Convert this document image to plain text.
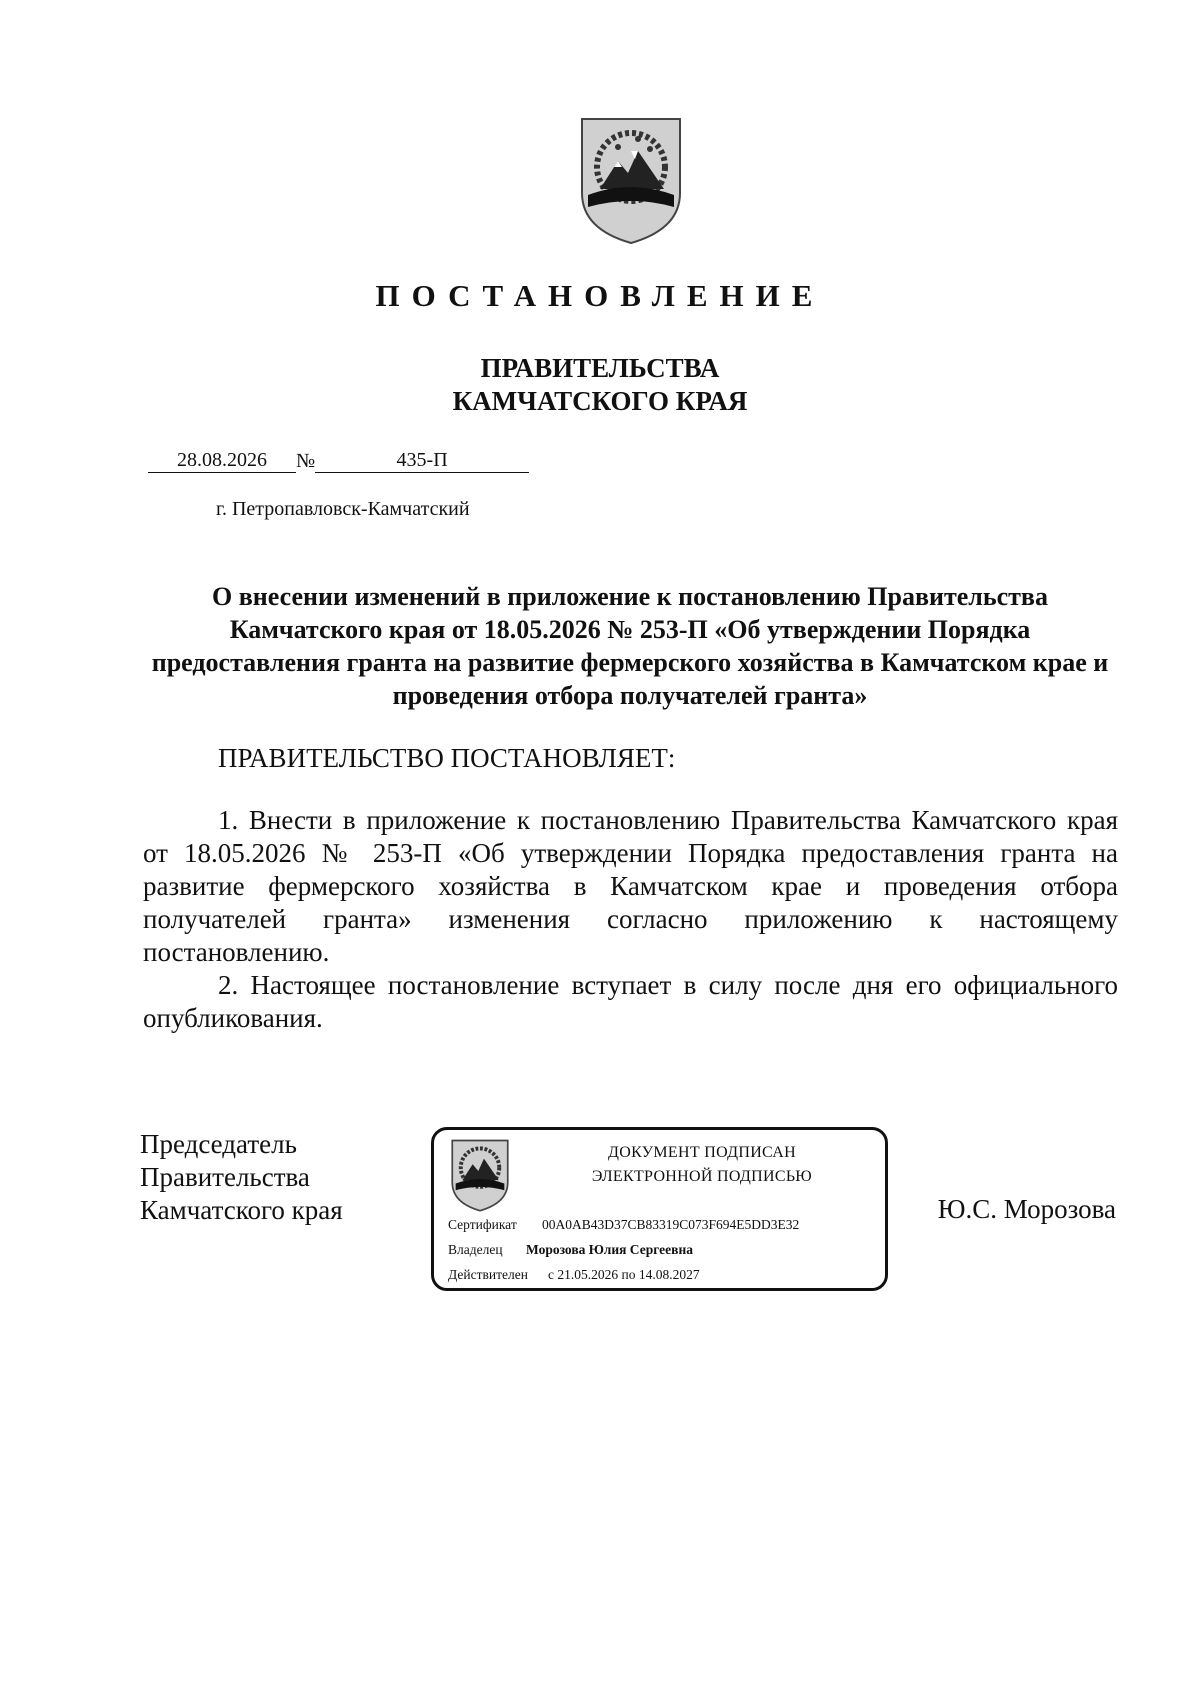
ПОСТАНОВЛЕНИЕ
ПРАВИТЕЛЬСТВА
КАМЧАТСКОГО КРАЯ
28.08.2026 №	435-П
г. Петропавловск-Камчатский
О внесении изменений в приложение к постановлению Правительства Камчатского края от 18.05.2026 № 253-П «Об утверждении Порядка предоставления гранта на развитие фермерского хозяйства в Камчатском крае и проведения отбора получателей гранта»
ПРАВИТЕЛЬСТВО ПОСТАНОВЛЯЕТ:

1. Внести в приложение к постановлению Правительства Камчатского края от 18.05.2026 № 253-П «Об утверждении Порядка предоставления гранта на развитие фермерского хозяйства в Камчатском крае и проведения отбора получателей гранта» изменения согласно приложению к настоящему постановлению.

2. Настоящее постановление вступает в силу после дня его официального опубликования.

Председатель
Правительства
Камчатского края
ДОКУМЕНТ ПОДПИСАН
ЭЛЕКТРОННОЙ ПОДПИСЬЮ
Сертификат 00A0AB43D37CB83319C073F694E5DD3E32
Владелец Морозова Юлия Сергеевна
Действителен с 21.05.2026 по 14.08.2027
Ю.С. Морозова
